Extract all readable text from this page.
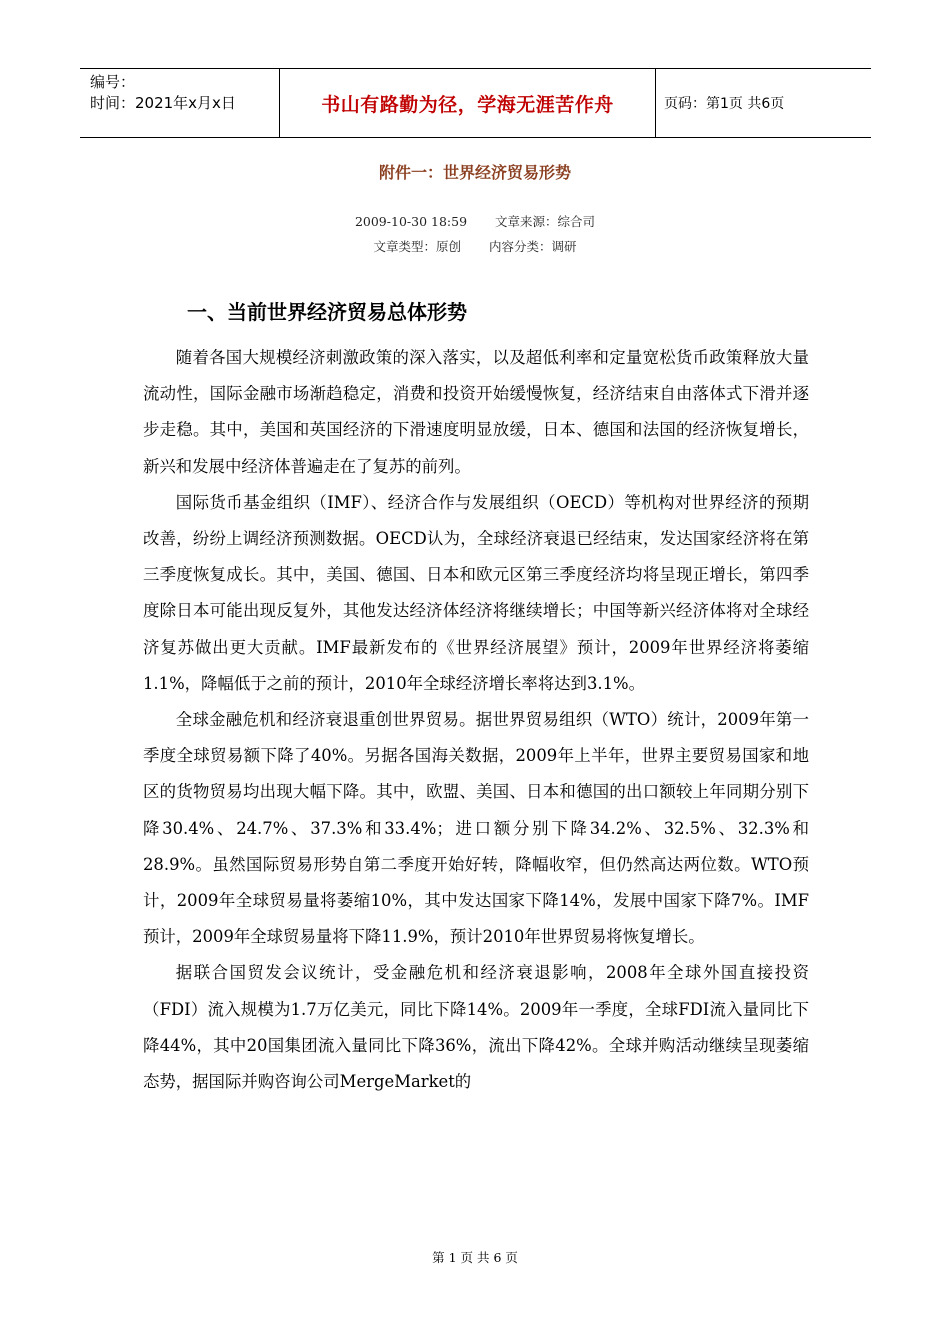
编号：
时间：2021年x月x日	书山有路勤为径，学海无涯苦作舟	页码：第1页 共6页
附件一：世界经济贸易形势
2009-10-30 18:59 文章来源：综合司
文章类型：原创 内容分类：调研
一、当前世界经济贸易总体形势

随着各国大规模经济刺激政策的深入落实，以及超低利率和定量宽松货币政策释放大量流动性，国际金融市场渐趋稳定，消费和投资开始缓慢恢复，经济结束自由落体式下滑并逐步走稳。其中，美国和英国经济的下滑速度明显放缓，日本、德国和法国的经济恢复增长，新兴和发展中经济体普遍走在了复苏的前列。

国际货币基金组织（IMF）、经济合作与发展组织（OECD）等机构对世界经济的预期改善，纷纷上调经济预测数据。OECD认为，全球经济衰退已经结束，发达国家经济将在第三季度恢复成长。其中，美国、德国、日本和欧元区第三季度经济均将呈现正增长，第四季度除日本可能出现反复外，其他发达经济体经济将继续增长；中国等新兴经济体将对全球经济复苏做出更大贡献。IMF最新发布的《世界经济展望》预计，2009年世界经济将萎缩1.1%，降幅低于之前的预计，2010年全球经济增长率将达到3.1%。

全球金融危机和经济衰退重创世界贸易。据世界贸易组织（WTO）统计，2009年第一季度全球贸易额下降了40%。另据各国海关数据，2009年上半年，世界主要贸易国家和地区的货物贸易均出现大幅下降。其中，欧盟、美国、日本和德国的出口额较上年同期分别下降30.4%、24.7%、37.3%和33.4%；进口额分别下降34.2%、32.5%、32.3%和28.9%。虽然国际贸易形势自第二季度开始好转，降幅收窄，但仍然高达两位数。WTO预计，2009年全球贸易量将萎缩10%，其中发达国家下降14%，发展中国家下降7%。IMF预计，2009年全球贸易量将下降11.9%，预计2010年世界贸易将恢复增长。

据联合国贸发会议统计，受金融危机和经济衰退影响，2008年全球外国直接投资（FDI）流入规模为1.7万亿美元，同比下降14%。2009年一季度，全球FDI流入量同比下降44%，其中20国集团流入量同比下降36%，流出下降42%。全球并购活动继续呈现萎缩态势，据国际并购咨询公司MergeMarket的

第 1 页 共 6 页
